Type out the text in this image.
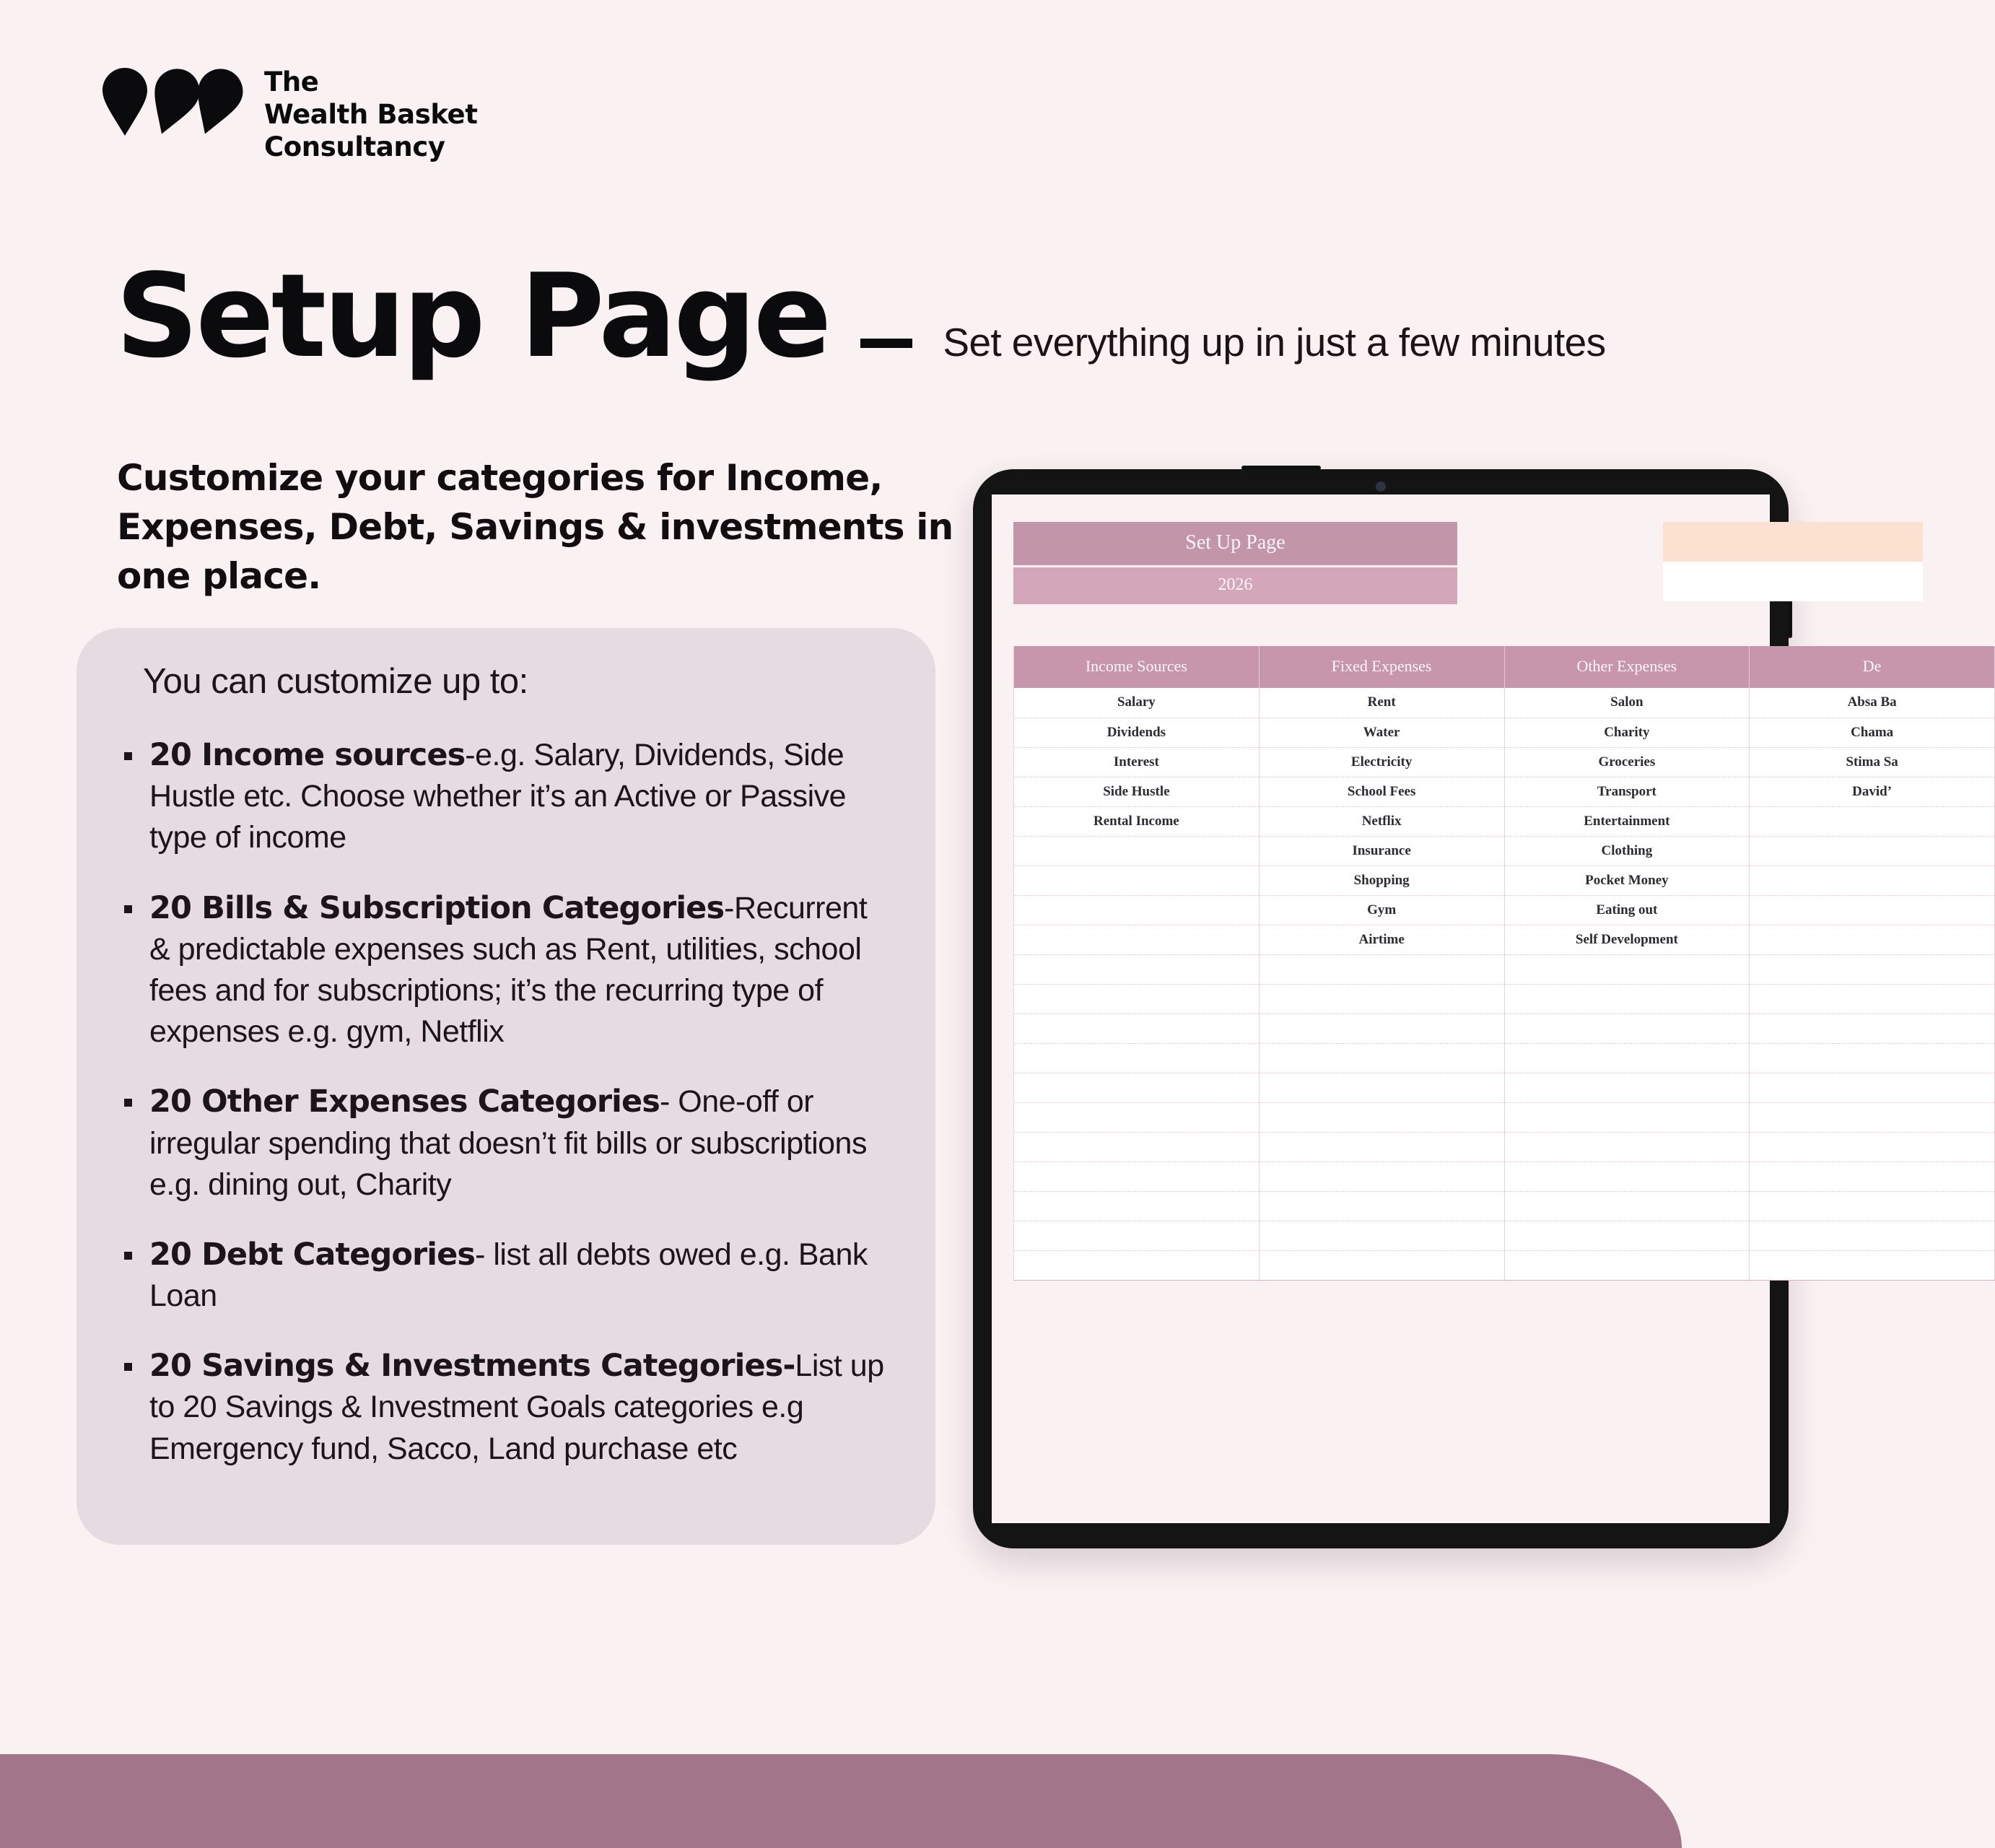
The
Wealth Basket
Consultancy
Setup Page	Set everything up in just a few minutes
Customize your categories for Income, Expenses, Debt, Savings & investments in one place.
You can customize up to:
20 Income sources-e.g. Salary, Dividends, Side Hustle etc. Choose whether it’s an Active or Passive type of income
20 Bills & Subscription Categories-Recurrent & predictable expenses such as Rent, utilities, school fees and for subscriptions; it’s the recurring type of expenses e.g. gym, Netflix
20 Other Expenses Categories- One-off or irregular spending that doesn’t fit bills or subscriptions e.g. dining out, Charity
20 Debt Categories- list all debts owed e.g. Bank Loan
20 Savings & Investments Categories-List up to 20 Savings & Investment Goals categories e.g Emergency fund, Sacco, Land purchase etc
Set Up Page
2026
Income Sources	Fixed Expenses	Other Expenses	De
Salary	Rent	Salon	Absa Ba
Dividends	Water	Charity	Chama
Interest	Electricity	Groceries	Stima Sa
Side Hustle	School Fees	Transport	David’
Rental Income	Netflix	Entertainment	
	Insurance	Clothing	
	Shopping	Pocket Money	
	Gym	Eating out	
	Airtime	Self Development	
